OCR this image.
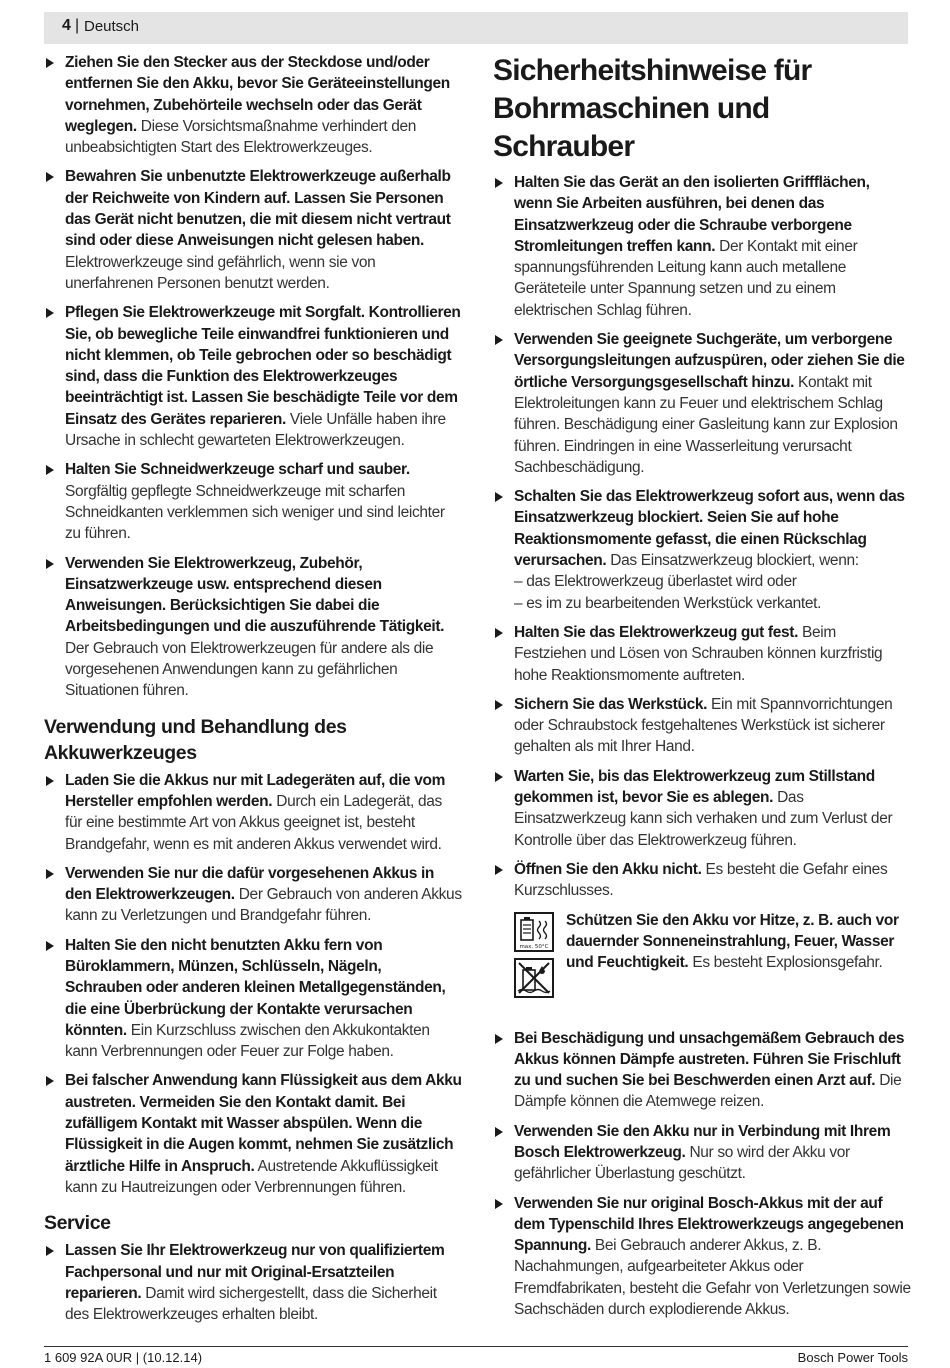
4 | Deutsch
Ziehen Sie den Stecker aus der Steckdose und/oder entfernen Sie den Akku, bevor Sie Geräteeinstellungen vornehmen, Zubehörteile wechseln oder das Gerät weglegen. Diese Vorsichtsmaßnahme verhindert den unbeabsichtigten Start des Elektrowerkzeuges.
Bewahren Sie unbenutzte Elektrowerkzeuge außerhalb der Reichweite von Kindern auf. Lassen Sie Personen das Gerät nicht benutzen, die mit diesem nicht vertraut sind oder diese Anweisungen nicht gelesen haben. Elektrowerkzeuge sind gefährlich, wenn sie von unerfahrenen Personen benutzt werden.
Pflegen Sie Elektrowerkzeuge mit Sorgfalt. Kontrollieren Sie, ob bewegliche Teile einwandfrei funktionieren und nicht klemmen, ob Teile gebrochen oder so beschädigt sind, dass die Funktion des Elektrowerkzeuges beeinträchtigt ist. Lassen Sie beschädigte Teile vor dem Einsatz des Gerätes reparieren. Viele Unfälle haben ihre Ursache in schlecht gewarteten Elektrowerkzeugen.
Halten Sie Schneidwerkzeuge scharf und sauber. Sorgfältig gepflegte Schneidwerkzeuge mit scharfen Schneidkanten verklemmen sich weniger und sind leichter zu führen.
Verwenden Sie Elektrowerkzeug, Zubehör, Einsatzwerkzeuge usw. entsprechend diesen Anweisungen. Berücksichtigen Sie dabei die Arbeitsbedingungen und die auszuführende Tätigkeit. Der Gebrauch von Elektrowerkzeugen für andere als die vorgesehenen Anwendungen kann zu gefährlichen Situationen führen.
Verwendung und Behandlung des Akkuwerkzeuges
Laden Sie die Akkus nur mit Ladegeräten auf, die vom Hersteller empfohlen werden. Durch ein Ladegerät, das für eine bestimmte Art von Akkus geeignet ist, besteht Brandgefahr, wenn es mit anderen Akkus verwendet wird.
Verwenden Sie nur die dafür vorgesehenen Akkus in den Elektrowerkzeugen. Der Gebrauch von anderen Akkus kann zu Verletzungen und Brandgefahr führen.
Halten Sie den nicht benutzten Akku fern von Büroklammern, Münzen, Schlüsseln, Nägeln, Schrauben oder anderen kleinen Metallgegenständen, die eine Überbrückung der Kontakte verursachen könnten. Ein Kurzschluss zwischen den Akkukontakten kann Verbrennungen oder Feuer zur Folge haben.
Bei falscher Anwendung kann Flüssigkeit aus dem Akku austreten. Vermeiden Sie den Kontakt damit. Bei zufälligem Kontakt mit Wasser abspülen. Wenn die Flüssigkeit in die Augen kommt, nehmen Sie zusätzlich ärztliche Hilfe in Anspruch. Austretende Akkuflüssigkeit kann zu Hautreizungen oder Verbrennungen führen.
Service
Lassen Sie Ihr Elektrowerkzeug nur von qualifiziertem Fachpersonal und nur mit Original-Ersatzteilen reparieren. Damit wird sichergestellt, dass die Sicherheit des Elektrowerkzeuges erhalten bleibt.
Sicherheitshinweise für Bohrmaschinen und Schrauber
Halten Sie das Gerät an den isolierten Griffflächen, wenn Sie Arbeiten ausführen, bei denen das Einsatzwerkzeug oder die Schraube verborgene Stromleitungen treffen kann. Der Kontakt mit einer spannungsführenden Leitung kann auch metallene Geräteteile unter Spannung setzen und zu einem elektrischen Schlag führen.
Verwenden Sie geeignete Suchgeräte, um verborgene Versorgungsleitungen aufzuspüren, oder ziehen Sie die örtliche Versorgungsgesellschaft hinzu. Kontakt mit Elektroleitungen kann zu Feuer und elektrischem Schlag führen. Beschädigung einer Gasleitung kann zur Explosion führen. Eindringen in eine Wasserleitung verursacht Sachbeschädigung.
Schalten Sie das Elektrowerkzeug sofort aus, wenn das Einsatzwerkzeug blockiert. Seien Sie auf hohe Reaktionsmomente gefasst, die einen Rückschlag verursachen. Das Einsatzwerkzeug blockiert, wenn:
– das Elektrowerkzeug überlastet wird oder
– es im zu bearbeitenden Werkstück verkantet.
Halten Sie das Elektrowerkzeug gut fest. Beim Festziehen und Lösen von Schrauben können kurzfristig hohe Reaktionsmomente auftreten.
Sichern Sie das Werkstück. Ein mit Spannvorrichtungen oder Schraubstock festgehaltenes Werkstück ist sicherer gehalten als mit Ihrer Hand.
Warten Sie, bis das Elektrowerkzeug zum Stillstand gekommen ist, bevor Sie es ablegen. Das Einsatzwerkzeug kann sich verhaken und zum Verlust der Kontrolle über das Elektrowerkzeug führen.
Öffnen Sie den Akku nicht. Es besteht die Gefahr eines Kurzschlusses.
max. 50°C
Schützen Sie den Akku vor Hitze, z. B. auch vor dauernder Sonneneinstrahlung, Feuer, Wasser und Feuchtigkeit. Es besteht Explosionsgefahr.
Bei Beschädigung und unsachgemäßem Gebrauch des Akkus können Dämpfe austreten. Führen Sie Frischluft zu und suchen Sie bei Beschwerden einen Arzt auf. Die Dämpfe können die Atemwege reizen.
Verwenden Sie den Akku nur in Verbindung mit Ihrem Bosch Elektrowerkzeug. Nur so wird der Akku vor gefährlicher Überlastung geschützt.
Verwenden Sie nur original Bosch-Akkus mit der auf dem Typenschild Ihres Elektrowerkzeugs angegebenen Spannung. Bei Gebrauch anderer Akkus, z. B. Nachahmungen, aufgearbeiteter Akkus oder Fremdfabrikaten, besteht die Gefahr von Verletzungen sowie Sachschäden durch explodierende Akkus.
1 609 92A 0UR | (10.12.14)	Bosch Power Tools
